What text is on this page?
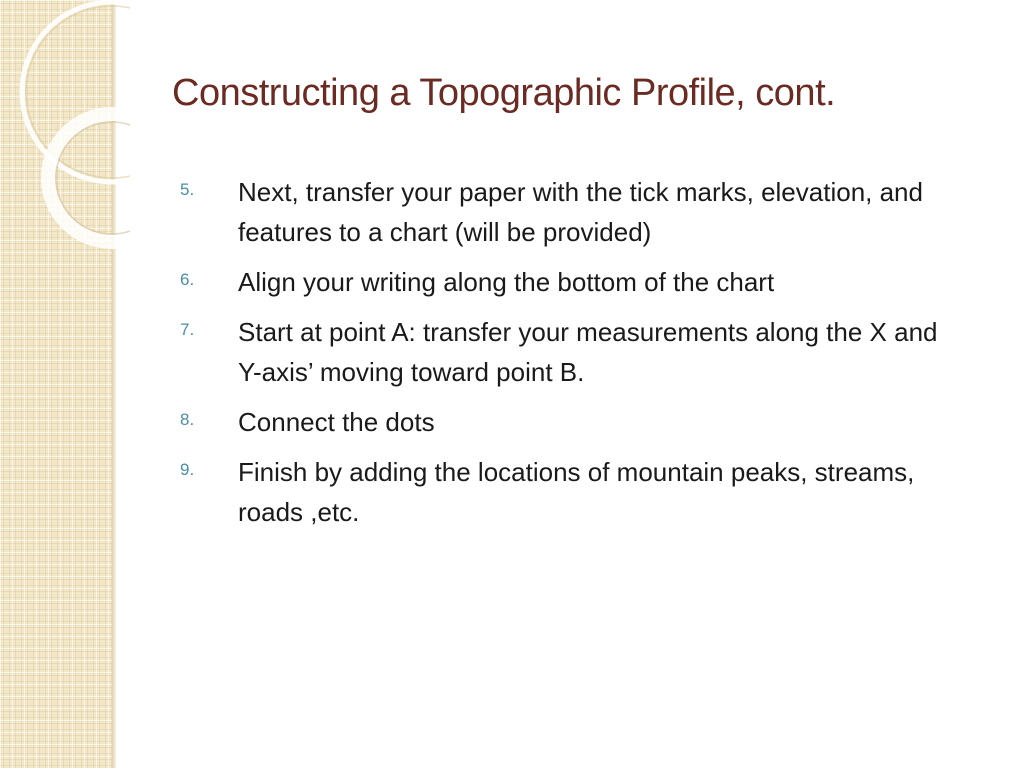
Constructing a Topographic Profile, cont.
5.	Next, transfer your paper with the tick marks, elevation, and features to a chart (will be provided)
6.	Align your writing along the bottom of the chart
7.	Start at point A: transfer your measurements along the X and Y-axis’ moving toward point B.
8.	Connect the dots
9.	Finish by adding the locations of mountain peaks, streams, roads ,etc.
